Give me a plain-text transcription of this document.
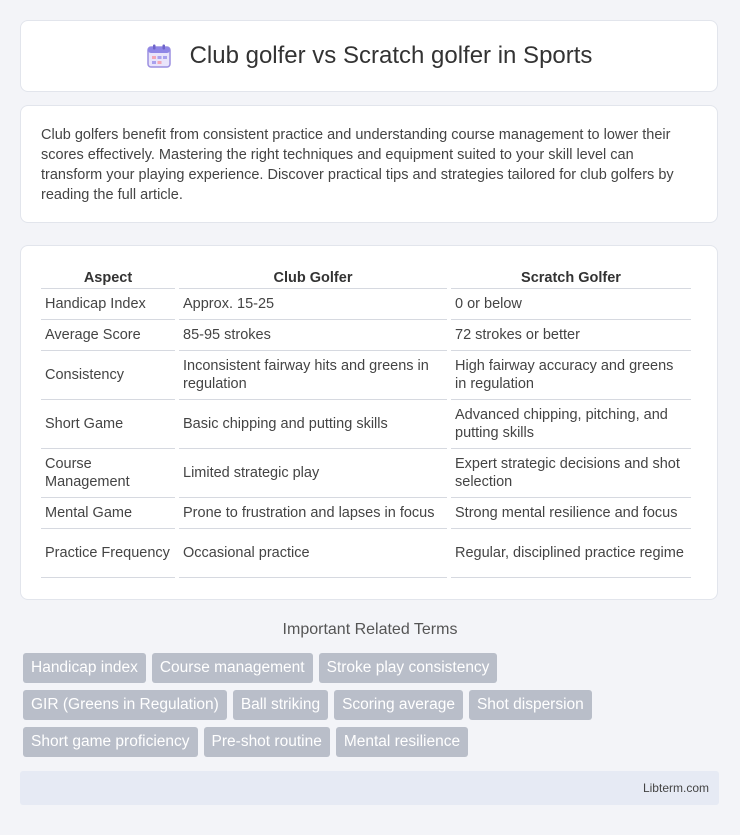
Club golfer vs Scratch golfer in Sports
Club golfers benefit from consistent practice and understanding course management to lower their scores effectively. Mastering the right techniques and equipment suited to your skill level can transform your playing experience. Discover practical tips and strategies tailored for club golfers by reading the full article.
Aspect	Club Golfer	Scratch Golfer
Handicap Index	Approx. 15-25	0 or below
Average Score	85-95 strokes	72 strokes or better
Consistency	Inconsistent fairway hits and greens in regulation	High fairway accuracy and greens in regulation
Short Game	Basic chipping and putting skills	Advanced chipping, pitching, and putting skills
Course Management	Limited strategic play	Expert strategic decisions and shot selection
Mental Game	Prone to frustration and lapses in focus	Strong mental resilience and focus
Practice Frequency	Occasional practice	Regular, disciplined practice regime
Important Related Terms
Handicap index Course management Stroke play consistency
GIR (Greens in Regulation) Ball striking Scoring average Shot dispersion
Short game proficiency Pre-shot routine Mental resilience
Libterm.com
